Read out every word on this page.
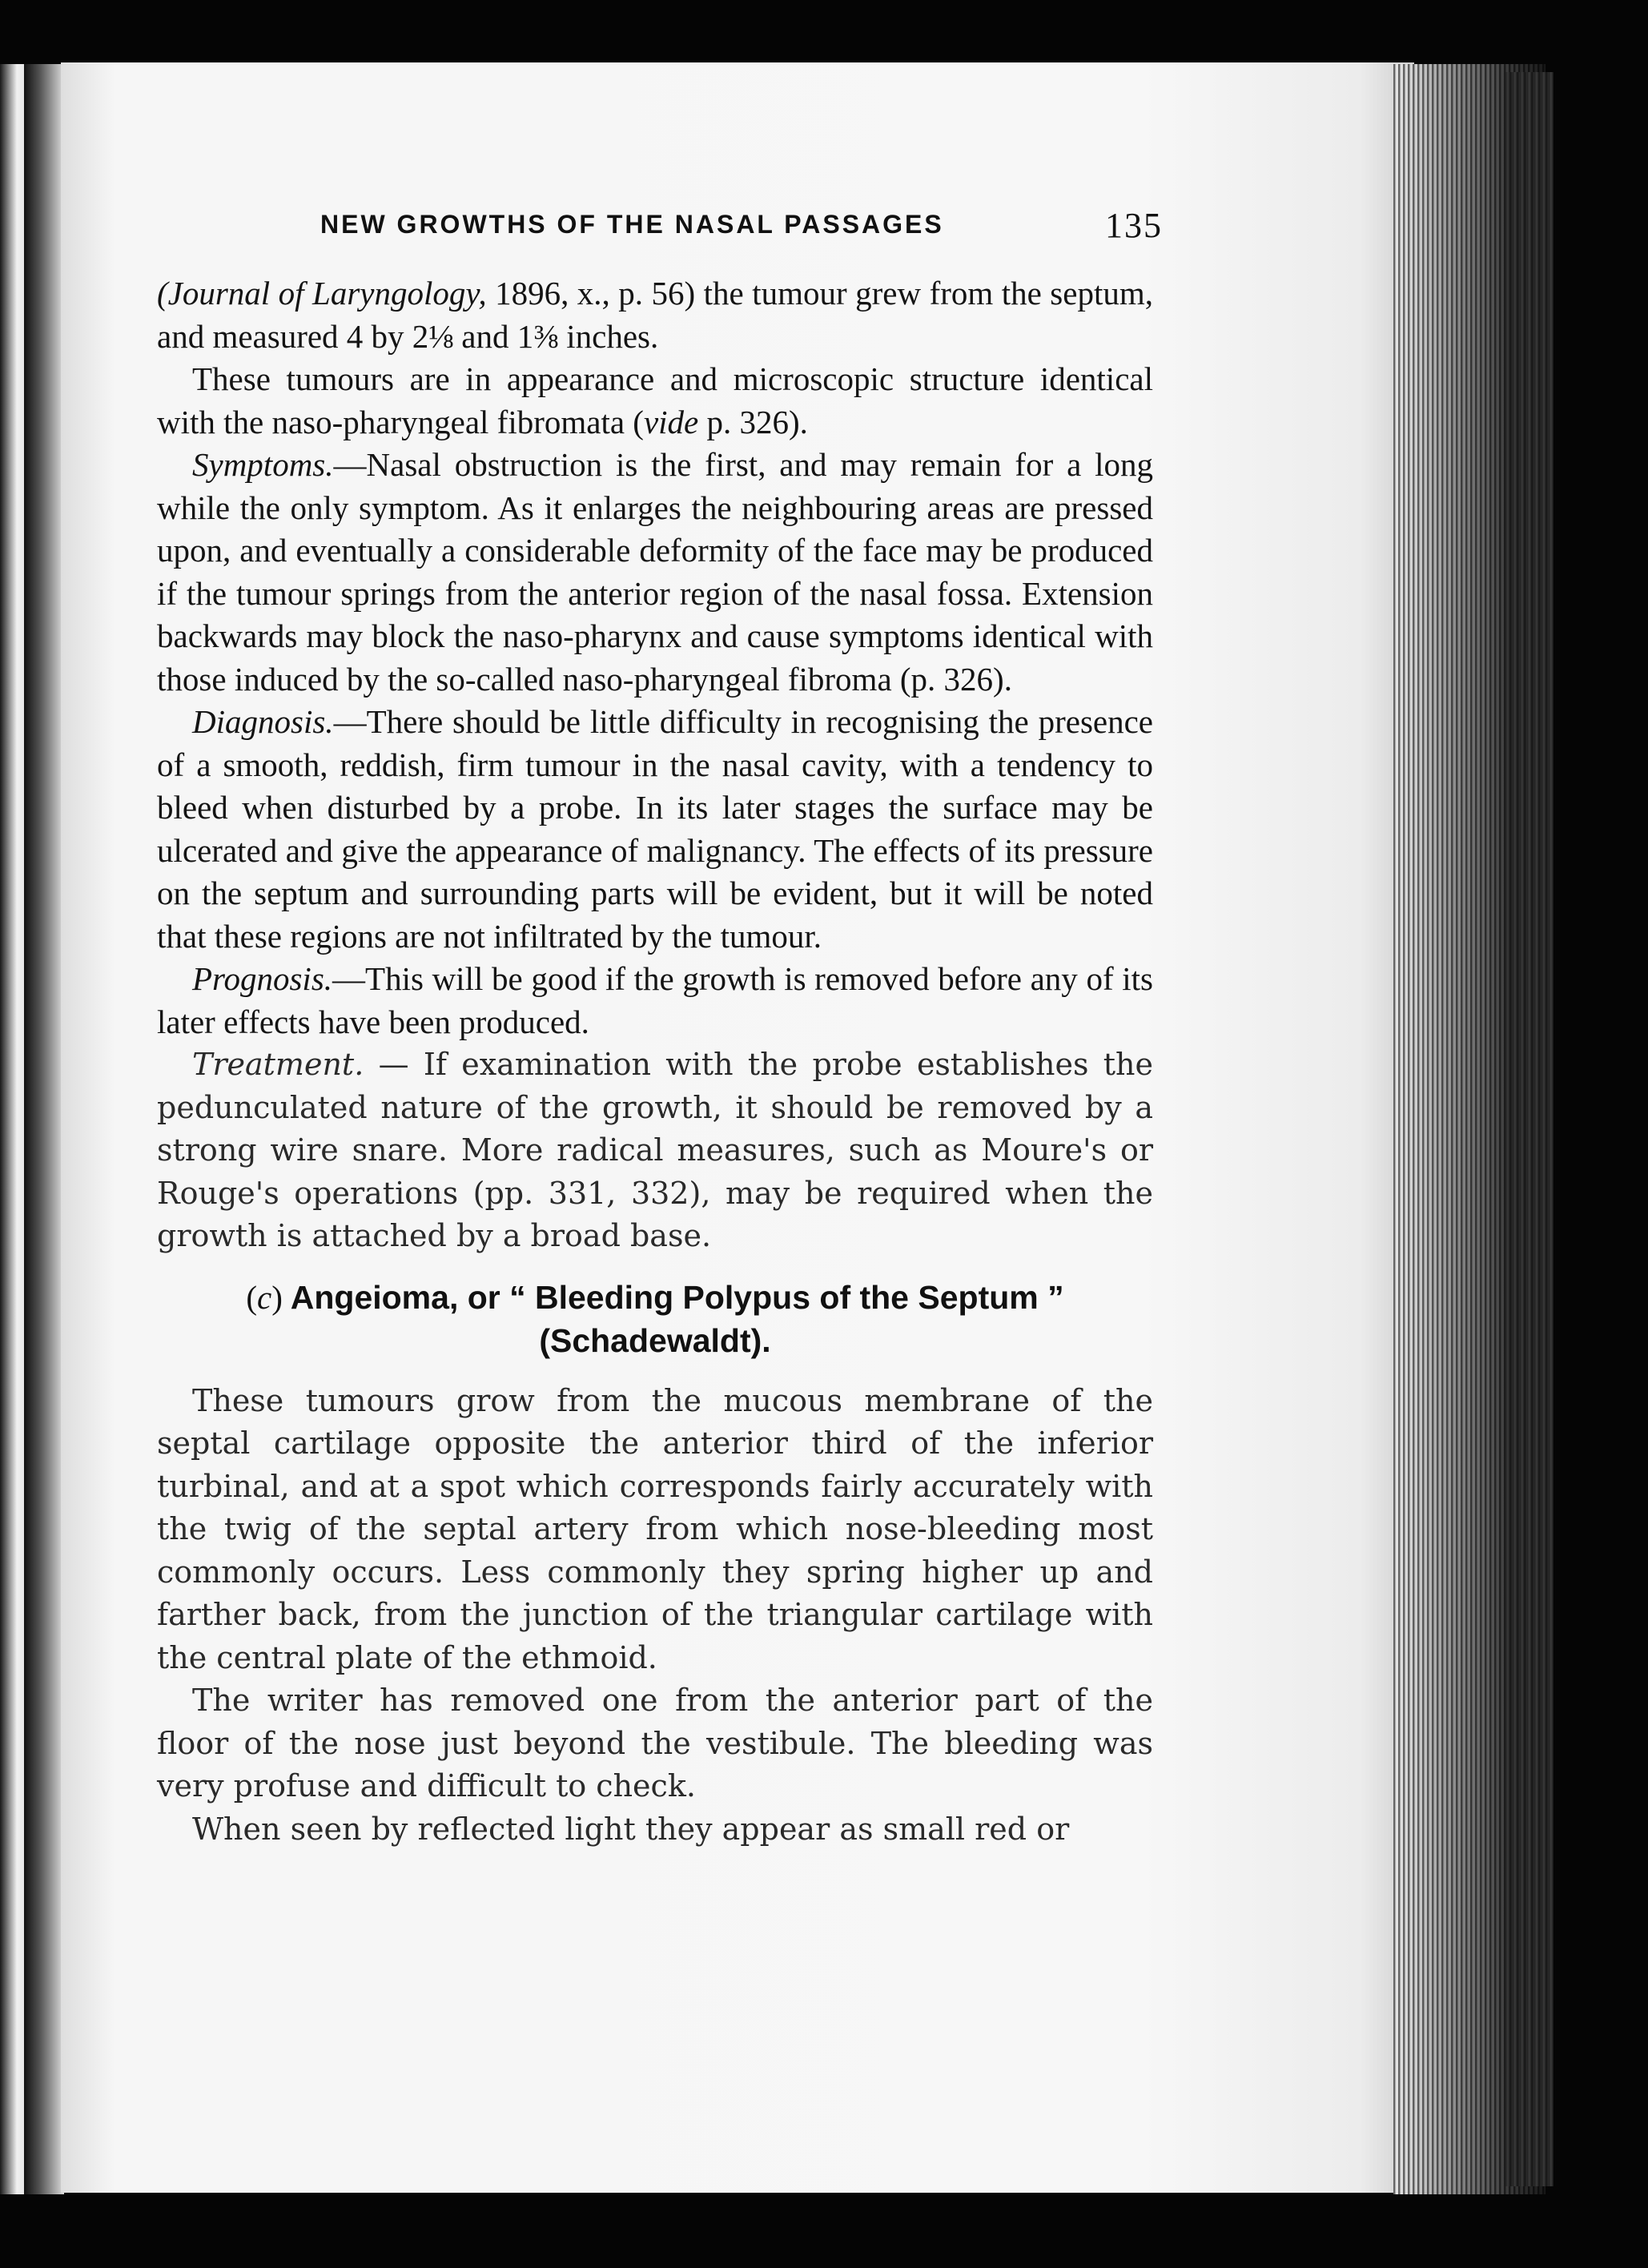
NEW GROWTHS OF THE NASAL PASSAGES	135

(Journal of Laryngology, 1896, x., p. 56) the tumour grew from the septum, and measured 4 by 2⅛ and 1⅜ inches.

These tumours are in appearance and microscopic structure identical with the naso-pharyngeal fibromata (vide p. 326).

Symptoms.—Nasal obstruction is the first, and may remain for a long while the only symptom. As it enlarges the neighbouring areas are pressed upon, and eventually a considerable deformity of the face may be produced if the tumour springs from the anterior region of the nasal fossa. Extension backwards may block the naso-pharynx and cause symptoms identical with those induced by the so-called naso-pharyngeal fibroma (p. 326).

Diagnosis.—There should be little difficulty in recognising the presence of a smooth, reddish, firm tumour in the nasal cavity, with a tendency to bleed when disturbed by a probe. In its later stages the surface may be ulcerated and give the appearance of malignancy. The effects of its pressure on the septum and surrounding parts will be evident, but it will be noted that these regions are not infiltrated by the tumour.

Prognosis.—This will be good if the growth is removed before any of its later effects have been produced.

Treatment. — If examination with the probe establishes the pedunculated nature of the growth, it should be removed by a strong wire snare. More radical measures, such as Moure's or Rouge's operations (pp. 331, 332), may be required when the growth is attached by a broad base.

(c) Angeioma, or “ Bleeding Polypus of the Septum ”
(Schadewaldt).

These tumours grow from the mucous membrane of the septal cartilage opposite the anterior third of the inferior turbinal, and at a spot which corresponds fairly accurately with the twig of the septal artery from which nose-bleeding most commonly occurs. Less commonly they spring higher up and farther back, from the junction of the triangular cartilage with the central plate of the ethmoid.

The writer has removed one from the anterior part of the floor of the nose just beyond the vestibule. The bleeding was very profuse and difficult to check.

When seen by reflected light they appear as small red or
